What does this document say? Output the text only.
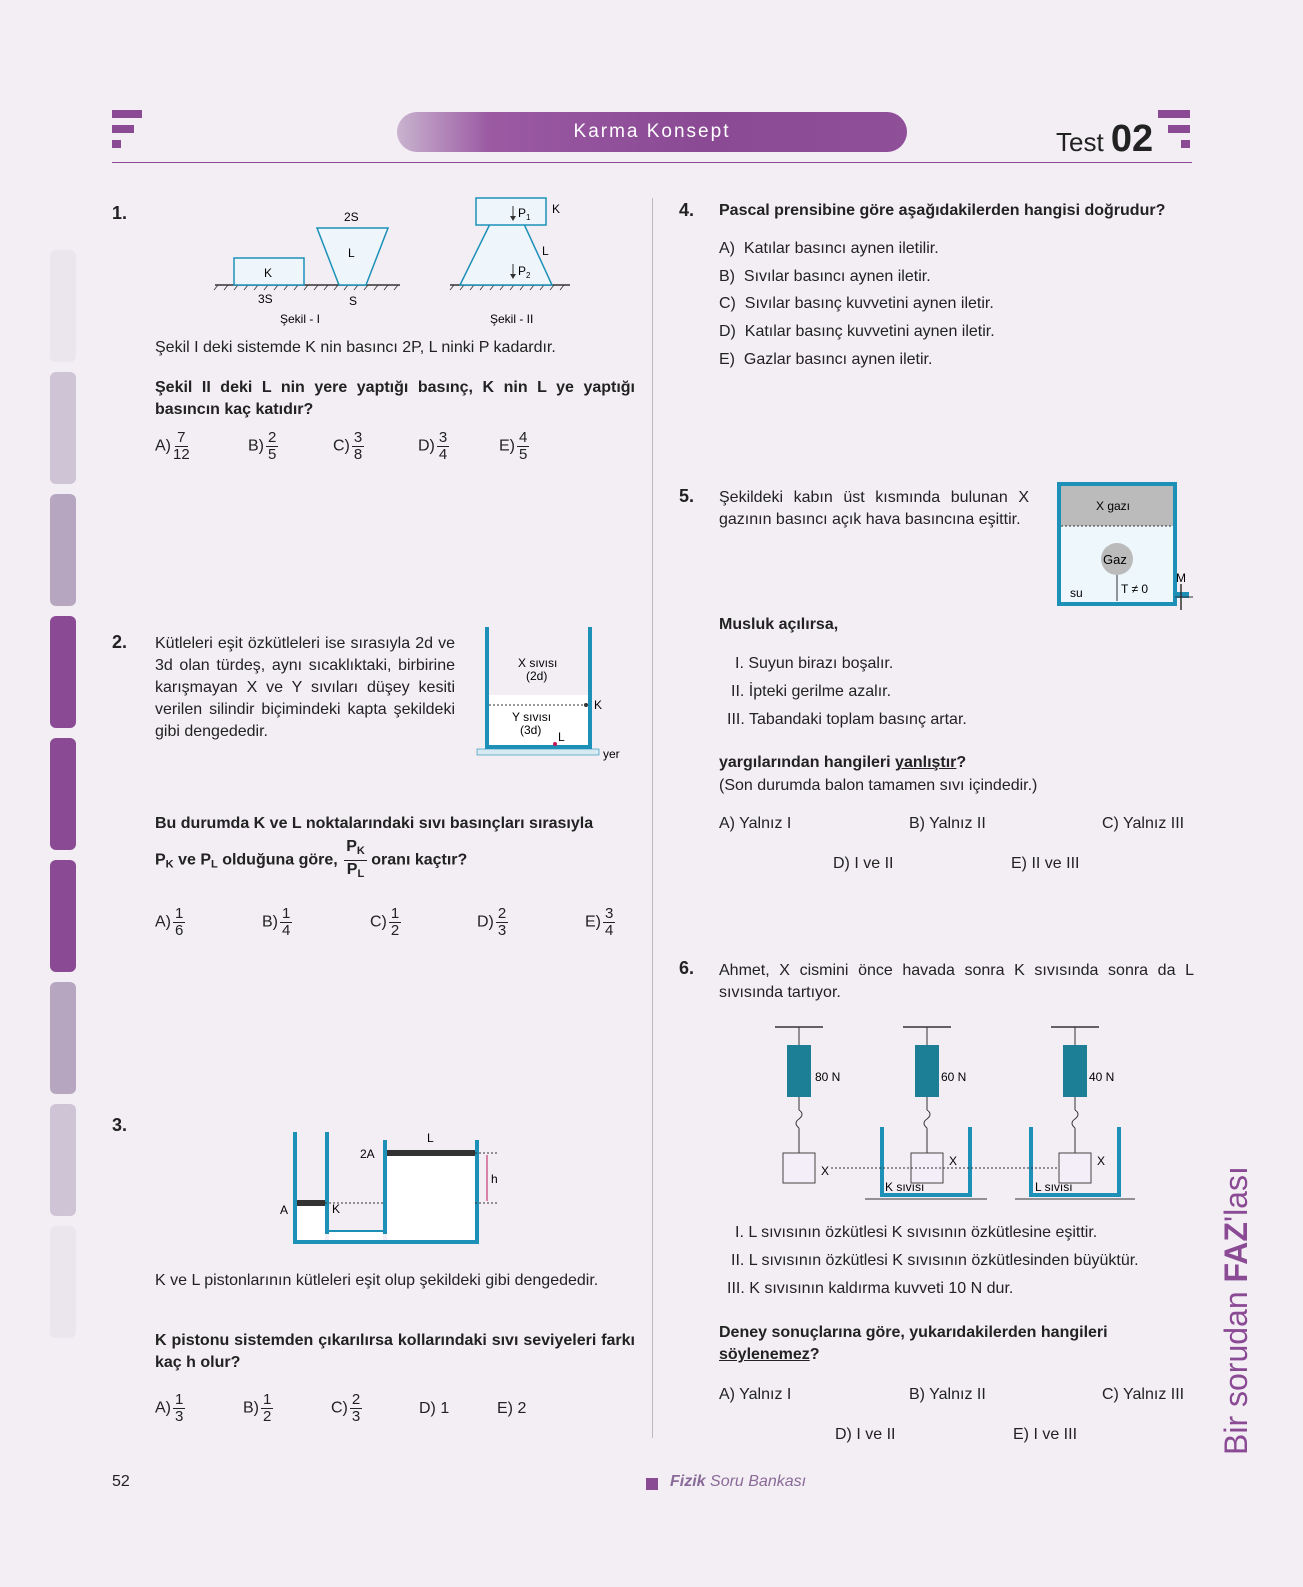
Karma Konsept	Test 02
1.
K
2S
L
3S	S
Şekil - I
$P_1$
K
L
$P_2$
Şekil - II
Şekil I deki sistemde K nin basıncı 2P, L ninki P kadardır.
Şekil II deki L nin yere yaptığı basınç, K nin L ye yaptığı basıncın kaç katıdır?
$A) \frac{7}{12}$	$B) \frac{2}{5}$	$C) \frac{3}{8}$	$D) \frac{3}{4}$	$E) \frac{4}{5}$
2. Kütleleri eşit özkütleleri ise sırasıyla 2d ve 3d olan türdeş, aynı sıcaklıktaki, birbirine karışmayan X ve Y sıvıları düşey kesiti verilen silindir biçimindeki kapta şekildeki gibi dengededir.
X sıvısı
(2d)
K
Y sıvısı
(3d) L
yer
Bu durumda K ve L noktalarındaki sıvı basınçları sırasıyla
$P_K$ ve $P_L$ olduğuna göre, $\frac{P_K}{P_L}$ oranı kaçtır?
$A) \frac{1}{6}$	$B) \frac{1}{4}$	$C) \frac{1}{2}$	$D) \frac{2}{3}$	$E) \frac{3}{4}$
3.
A	K
2A
L
h
K ve L pistonlarının kütleleri eşit olup şekildeki gibi dengededir.
K pistonu sistemden çıkarılırsa kollarındaki sıvı seviyeleri farkı kaç h olur?
$A) \frac{1}{3}$	$B) \frac{1}{2}$	$C) \frac{2}{3}$	D) 1	E) 2
4. Pascal prensibine göre aşağıdakilerden hangisi doğrudur?
A) Katılar basıncı aynen iletilir.
B) Sıvılar basıncı aynen iletir.
C) Sıvılar basınç kuvvetini aynen iletir.
D) Katılar basınç kuvvetini aynen iletir.
E) Gazlar basıncı aynen iletir.
5. Şekildeki kabın üst kısmında bulunan X gazının basıncı açık hava basıncına eşittir.
X gazı
Gaz
T ≠ 0
su
M
Musluk açılırsa,
I. Suyun birazı boşalır.
II. İpteki gerilme azalır.
III. Tabandaki toplam basınç artar.
yargılarından hangileri yanlıştır?
(Son durumda balon tamamen sıvı içindedir.)
A) Yalnız I	B) Yalnız II	C) Yalnız III
D) I ve II	E) II ve III
6. Ahmet, X cismini önce havada sonra K sıvısında sonra da L sıvısında tartıyor.
80 N
X
60 N
X
K sıvısı
40 N
X
L sıvısı
I. L sıvısının özkütlesi K sıvısının özkütlesine eşittir.
II. L sıvısının özkütlesi K sıvısının özkütlesinden büyüktür.
III. K sıvısının kaldırma kuvveti 10 N dur.
Deney sonuçlarına göre, yukarıdakilerden hangileri söylenemez?
A) Yalnız I	B) Yalnız II	C) Yalnız III
D) I ve II	E) I ve III	Bir sorudan FAZ'lası
52	Fizik Soru Bankası
